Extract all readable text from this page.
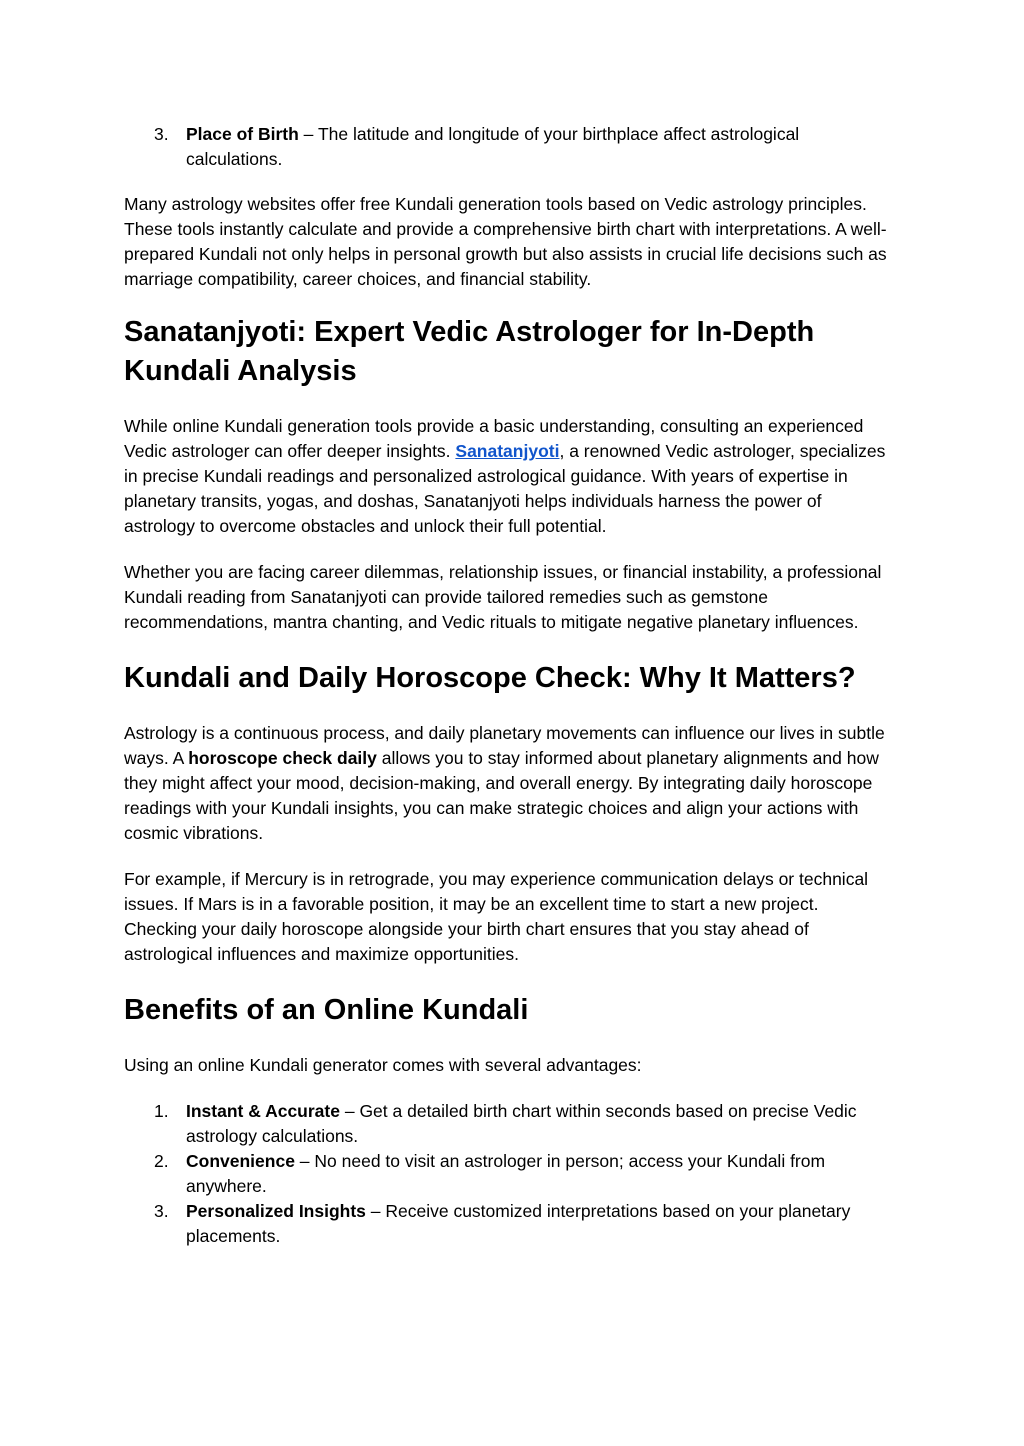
3. Place of Birth – The latitude and longitude of your birthplace affect astrological calculations.

Many astrology websites offer free Kundali generation tools based on Vedic astrology principles. These tools instantly calculate and provide a comprehensive birth chart with interpretations. A well-prepared Kundali not only helps in personal growth but also assists in crucial life decisions such as marriage compatibility, career choices, and financial stability.

Sanatanjyoti: Expert Vedic Astrologer for In-Depth Kundali Analysis

While online Kundali generation tools provide a basic understanding, consulting an experienced Vedic astrologer can offer deeper insights. Sanatanjyoti, a renowned Vedic astrologer, specializes in precise Kundali readings and personalized astrological guidance. With years of expertise in planetary transits, yogas, and doshas, Sanatanjyoti helps individuals harness the power of astrology to overcome obstacles and unlock their full potential.

Whether you are facing career dilemmas, relationship issues, or financial instability, a professional Kundali reading from Sanatanjyoti can provide tailored remedies such as gemstone recommendations, mantra chanting, and Vedic rituals to mitigate negative planetary influences.

Kundali and Daily Horoscope Check: Why It Matters?

Astrology is a continuous process, and daily planetary movements can influence our lives in subtle ways. A horoscope check daily allows you to stay informed about planetary alignments and how they might affect your mood, decision-making, and overall energy. By integrating daily horoscope readings with your Kundali insights, you can make strategic choices and align your actions with cosmic vibrations.

For example, if Mercury is in retrograde, you may experience communication delays or technical issues. If Mars is in a favorable position, it may be an excellent time to start a new project. Checking your daily horoscope alongside your birth chart ensures that you stay ahead of astrological influences and maximize opportunities.

Benefits of an Online Kundali

Using an online Kundali generator comes with several advantages:

1. Instant & Accurate – Get a detailed birth chart within seconds based on precise Vedic astrology calculations.
2. Convenience – No need to visit an astrologer in person; access your Kundali from anywhere.
3. Personalized Insights – Receive customized interpretations based on your planetary placements.
